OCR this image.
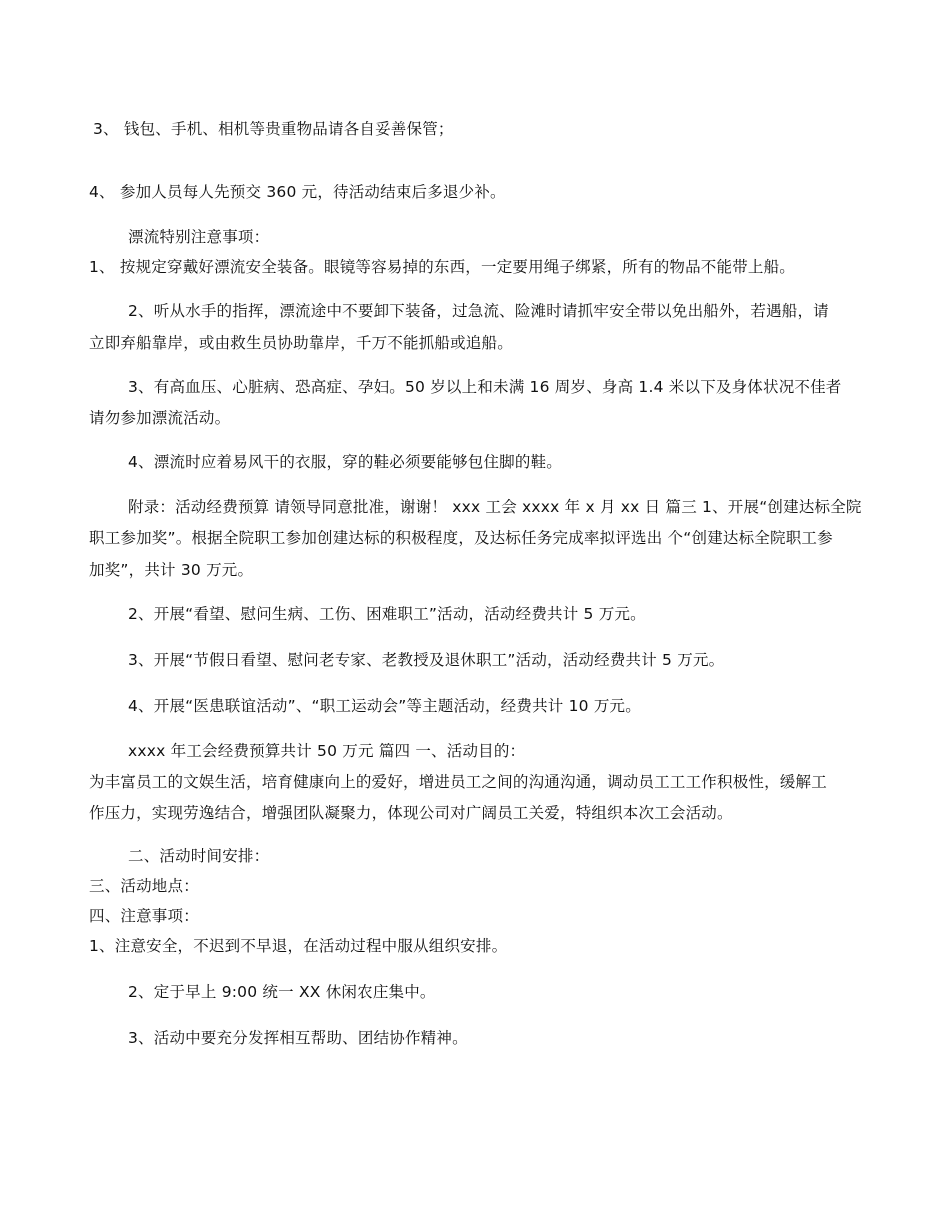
3、 钱包、手机、相机等贵重物品请各自妥善保管；
4、 参加人员每人先预交 360 元，待活动结束后多退少补。
漂流特别注意事项：
1、 按规定穿戴好漂流安全装备。眼镜等容易掉的东西，一定要用绳子绑紧，所有的物品不能带上船。
2、听从水手的指挥，漂流途中不要卸下装备，过急流、险滩时请抓牢安全带以免出船外，若遇船，请
立即弃船靠岸，或由救生员协助靠岸，千万不能抓船或追船。
3、有高血压、心脏病、恐高症、孕妇。50 岁以上和未满 16 周岁、身高 1.4 米以下及身体状况不佳者
请勿参加漂流活动。
4、漂流时应着易风干的衣服，穿的鞋必须要能够包住脚的鞋。
附录：活动经费预算 请领导同意批准，谢谢！ xxx 工会 xxxx 年 x 月 xx 日 篇三 1、开展“创建达标全院
职工参加奖”。根据全院职工参加创建达标的积极程度，及达标任务完成率拟评选出 个“创建达标全院职工参
加奖”，共计 30 万元。
2、开展“看望、慰问生病、工伤、困难职工”活动，活动经费共计 5 万元。
3、开展“节假日看望、慰问老专家、老教授及退休职工”活动，活动经费共计 5 万元。
4、开展“医患联谊活动”、“职工运动会”等主题活动，经费共计 10 万元。
xxxx 年工会经费预算共计 50 万元 篇四 一、活动目的：
为丰富员工的文娱生活，培育健康向上的爱好，增进员工之间的沟通沟通，调动员工工工作积极性，缓解工
作压力，实现劳逸结合，增强团队凝聚力，体现公司对广阔员工关爱，特组织本次工会活动。
二、活动时间安排：
三、活动地点：
四、注意事项：
1、注意安全，不迟到不早退，在活动过程中服从组织安排。
2、定于早上 9:00 统一 XX 休闲农庄集中。
3、活动中要充分发挥相互帮助、团结协作精神。
